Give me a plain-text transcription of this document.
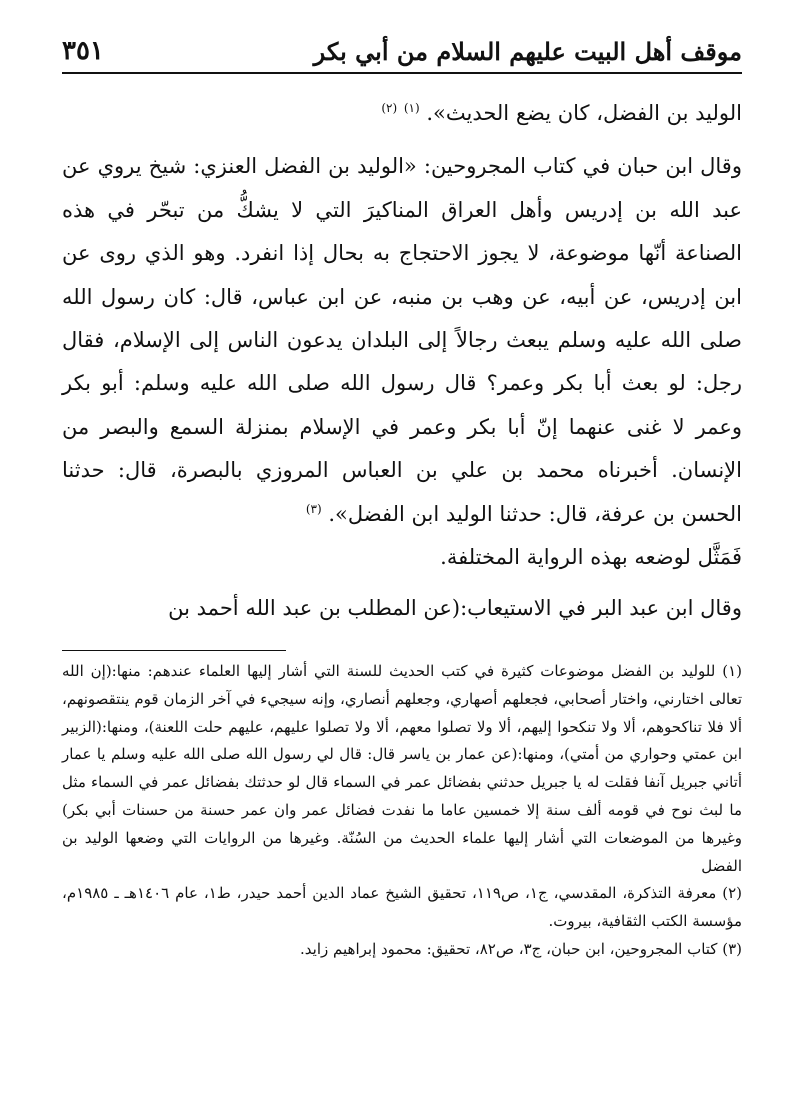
موقف أهل البيت عليهم السلام من أبي بكر
٣٥١

الوليد بن الفضل، كان يضع الحديث». $^{(١)}$ $^{(٢)}$

وقال ابن حبان في كتاب المجروحين: «الوليد بن الفضل العنزي: شيخ يروي عن عبد الله بن إدريس وأهل العراق المناكيرَ التي لا يشكُّ من تبحّر في هذه الصناعة أنّها موضوعة، لا يجوز الاحتجاج به بحال إذا انفرد. وهو الذي روى عن ابن إدريس، عن أبيه، عن وهب بن منبه، عن ابن عباس، قال: كان رسول الله صلى الله عليه وسلم يبعث رجالاً إلى البلدان يدعون الناس إلى الإسلام، فقال رجل: لو بعث أبا بكر وعمر؟ قال رسول الله صلى الله عليه وسلم: أبو بكر وعمر لا غنى عنهما إنّ أبا بكر وعمر في الإسلام بمنزلة السمع والبصر من الإنسان. أخبرناه محمد بن علي بن العباس المروزي بالبصرة، قال: حدثنا الحسن بن عرفة، قال: حدثنا الوليد ابن الفضل». $^{(٣)}$

فَمَثَّل لوضعه بهذه الرواية المختلفة.

وقال ابن عبد البر في الاستيعاب:(عن المطلب بن عبد الله أحمد بن

(١) للوليد بن الفضل موضوعات كثيرة في كتب الحديث للسنة التي أشار إليها العلماء عندهم: منها:(إن الله تعالى اختارني، واختار أصحابي، فجعلهم أصهاري، وجعلهم أنصاري، وإنه سيجيء في آخر الزمان قوم ينتقصونهم، ألا فلا تناكحوهم، ألا ولا تنكحوا إليهم، ألا ولا تصلوا معهم، ألا ولا تصلوا عليهم، عليهم حلت اللعنة)، ومنها:(الزبير ابن عمتي وحواري من أمتي)، ومنها:(عن عمار بن ياسر قال: قال لي رسول الله صلى الله عليه وسلم يا عمار أتاني جبريل آنفا فقلت له يا جبريل حدثني بفضائل عمر في السماء قال لو حدثتك بفضائل عمر في السماء مثل ما لبث نوح في قومه ألف سنة إلا خمسين عاما ما نفدت فضائل عمر وان عمر حسنة من حسنات أبي بكر) وغيرها من الموضعات التي أشار إليها علماء الحديث من السُنّة. وغيرها من الروايات التي وضعها الوليد بن الفضل

(٢) معرفة التذكرة، المقدسي، ج١، ص١١٩، تحقيق الشيخ عماد الدين أحمد حيدر، ط١، عام ١٤٠٦هـ ـ ١٩٨٥م، مؤسسة الكتب الثقافية، بيروت.

(٣) كتاب المجروحين، ابن حبان، ج٣، ص٨٢، تحقيق: محمود إبراهيم زايد.
